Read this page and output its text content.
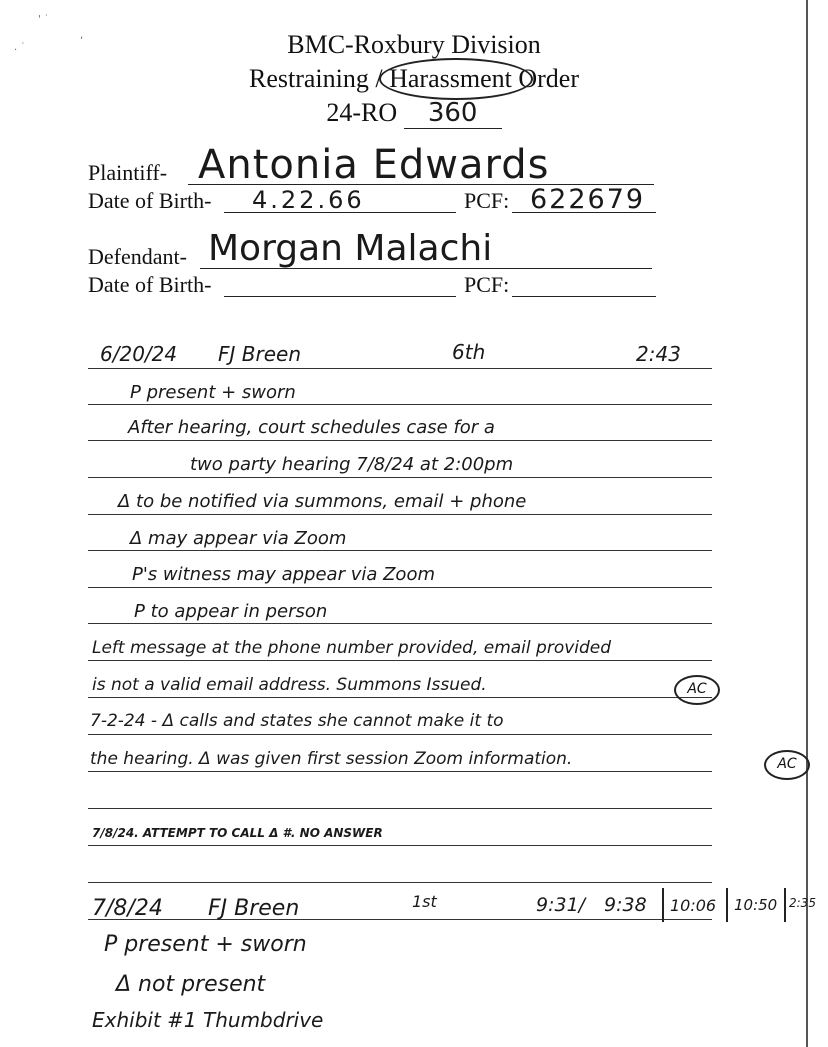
' ˙
. ˙
,	BMC-Roxbury Division
Restraining / Harassment
Order
24-RO 360
Plaintiff- Antonia Edwards
Date of Birth- 4.22.66	PCF: 622679
Defendant- Morgan Malachi
Date of Birth-	PCF:
6/20/24 FJ Breen	6th	2:43
P present + sworn
After hearing, court schedules case for a
two party hearing 7/8/24 at 2:00pm
Δ to be notified via summons, email + phone
Δ may appear via Zoom
P's witness may appear via Zoom
P to appear in person
Left message at the phone number provided, email provided
is not a valid email address. Summons Issued.	AC
7-2-24 - Δ calls and states she cannot make it to
the hearing. Δ was given first session Zoom information.	AC
7/8/24. ATTEMPT TO CALL Δ #. NO ANSWER
7/8/24 FJ Breen	1st	9:31/ 9:38 10:06 10:50 2:35
P present + sworn
Δ not present
Exhibit #1 Thumbdrive
